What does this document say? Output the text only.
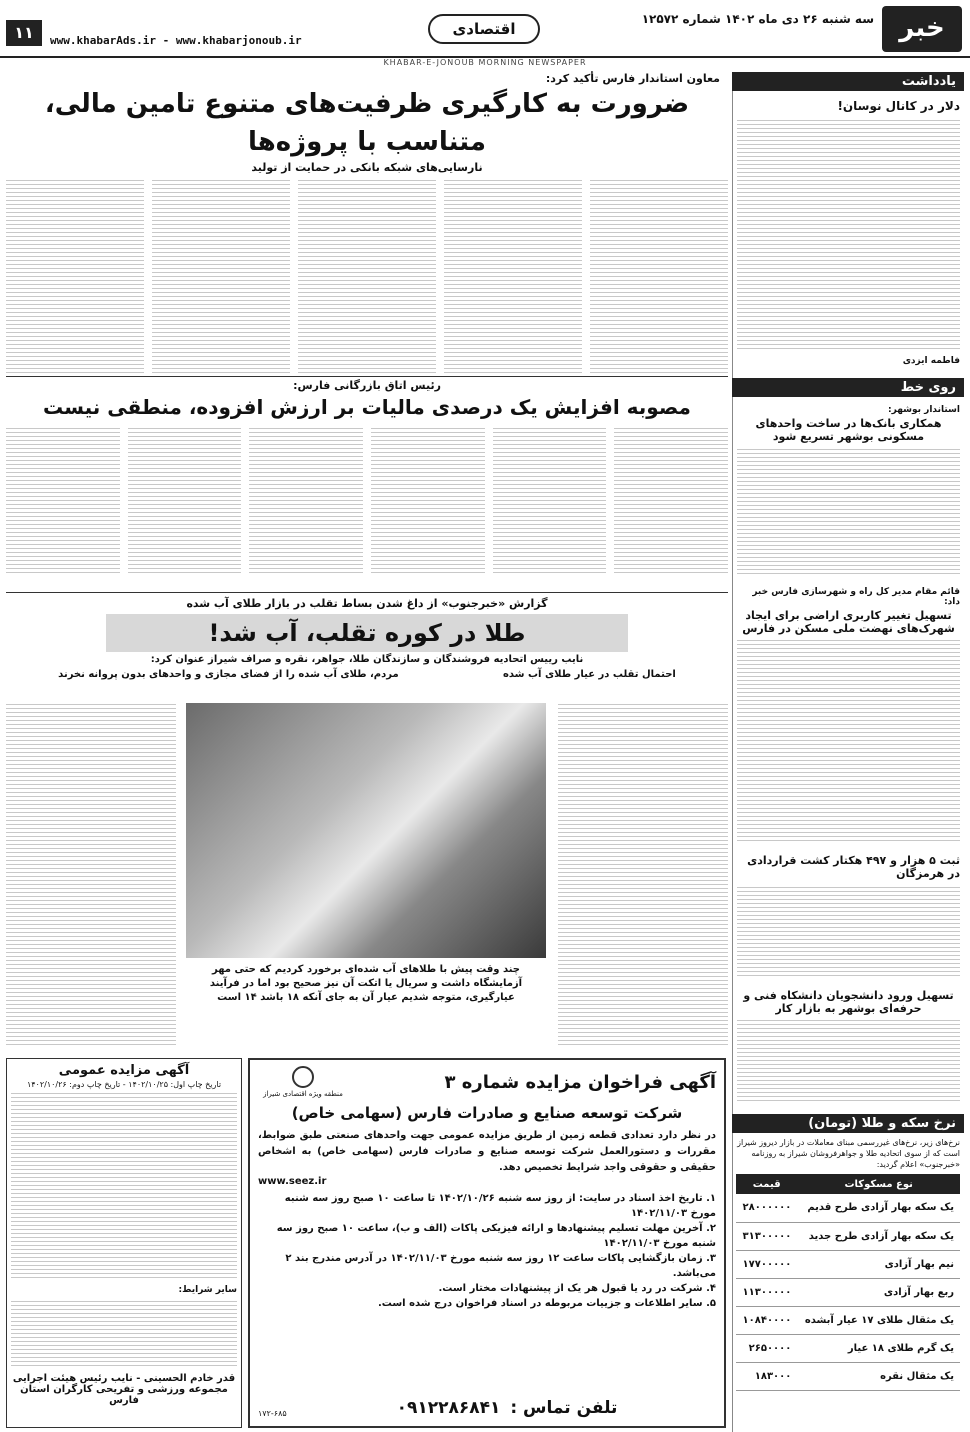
خبر
سه شنبه ۲۶ دی ماه ۱۴۰۲ شماره ۱۲۵۷۲
اقتصادی
www.khabarAds.ir - www.khabarjonoub.ir
۱۱
KHABAR-E-JONOUB MORNING NEWSPAPER
یادداشت
دلار در کانال نوسان!
فاطمه ایزدی
روی خط
استاندار بوشهر:
همکاری بانک‌ها در ساخت واحدهای مسکونی بوشهر تسریع شود
قائم مقام مدیر کل راه و شهرسازی فارس خبر داد:
تسهیل تغییر کاربری اراضی برای ایجاد شهرک‌های نهضت ملی مسکن در فارس
ثبت ۵ هزار و ۴۹۷ هکتار کشت قراردادی در هرمزگان
تسهیل ورود دانشجویان دانشکاه فنی و حرفه‌ای بوشهر به بازار کار
نرخ سکه و طلا (تومان)
نرخ‌های زیر، نرخ‌های غیررسمی مبنای معاملات در بازار دیروز شیراز است که از سوی اتحادیه طلا و جواهرفروشان شیراز به روزنامه «خبرجنوب» اعلام گردید:
نوع مسکوکات	قیمت
یک سکه بهار آزادی طرح قدیم	۲۸۰۰۰۰۰۰
یک سکه بهار آزادی طرح جدید	۳۱۳۰۰۰۰۰
نیم بهار آزادی	۱۷۷۰۰۰۰۰
ربع بهار آزادی	۱۱۳۰۰۰۰۰
یک مثقال طلای ۱۷ عیار آبشده	۱۰۸۴۰۰۰۰
یک گرم طلای ۱۸ عیار	۲۶۵۰۰۰۰
یک مثقال نقره	۱۸۳۰۰۰
معاون استاندار فارس تأکید کرد:
ضرورت به کارگیری ظرفیت‌های متنوع تامین مالی، متناسب با پروژه‌ها
نارسایی‌های شبکه بانکی در حمایت از تولید
رئیس اتاق بازرگانی فارس:
مصوبه افزایش یک درصدی مالیات بر ارزش افزوده، منطقی نیست
گزارش «خبرجنوب» از داغ شدن بساط تقلب در بازار طلای آب شده
طلا در کوره تقلب، آب شد!
نایب رییس اتحادیه فروشندگان و سازندگان طلا، جواهر، نقره و صراف شیراز عنوان کرد:
احتمال تقلب در عیار طلای آب شده
مردم، طلای آب شده را از فضای مجازی و واحدهای بدون پروانه نخرند
چند وقت پیش با طلاهای آب شده‌ای برخورد کردیم که حتی مهر آزمایشگاه داشت و سریال یا اتکت آن نیز صحیح بود اما در فرآیند عیارگیری، متوجه شدیم عیار آن به جای آنکه ۱۸ باشد ۱۴ است
آگهی مزایده عمومی
تاریخ چاپ اول: ۱۴۰۲/۱۰/۲۵ - تاریخ چاپ دوم: ۱۴۰۲/۱۰/۲۶
سایر شرایط:
قدر خادم الحسینی - نایب رئیس هیئت اجرایی مجموعه ورزشی و تفریحی کارگران استان فارس
آگهی فراخوان مزایده شماره ۳
منطقه ویژه اقتصادی شیراز
شرکت توسعه صنایع و صادرات فارس (سهامی خاص)
در نظر دارد تعدادی قطعه زمین از طریق مزایده عمومی جهت واحدهای صنعتی طبق ضوابط، مقررات و دستورالعمل شرکت توسعه صنایع و صادرات فارس (سهامی خاص) به اشخاص حقیقی و حقوقی واجد شرایط تخصیص دهد.
www.seez.ir
۱. تاریخ اخذ اسناد در سایت: از روز سه شنبه ۱۴۰۲/۱۰/۲۶ تا ساعت ۱۰ صبح روز سه شنبه مورخ ۱۴۰۲/۱۱/۰۳
۲. آخرین مهلت تسلیم پیشنهادها و ارائه فیزیکی پاکات (الف و ب)، ساعت ۱۰ صبح روز سه شنبه مورخ ۱۴۰۲/۱۱/۰۳
۳. زمان بازگشایی پاکات ساعت ۱۲ روز سه شنبه مورخ ۱۴۰۲/۱۱/۰۳ در آدرس مندرج بند ۲ می‌باشد.
۴. شرکت در رد یا قبول هر یک از پیشنهادات مختار است.
۵. سایر اطلاعات و جزییات مربوطه در اسناد فراخوان درج شده است.
تلفن تماس :
۰۹۱۲۲۸۶۸۴۱
۱۷۲-۶۸۵
